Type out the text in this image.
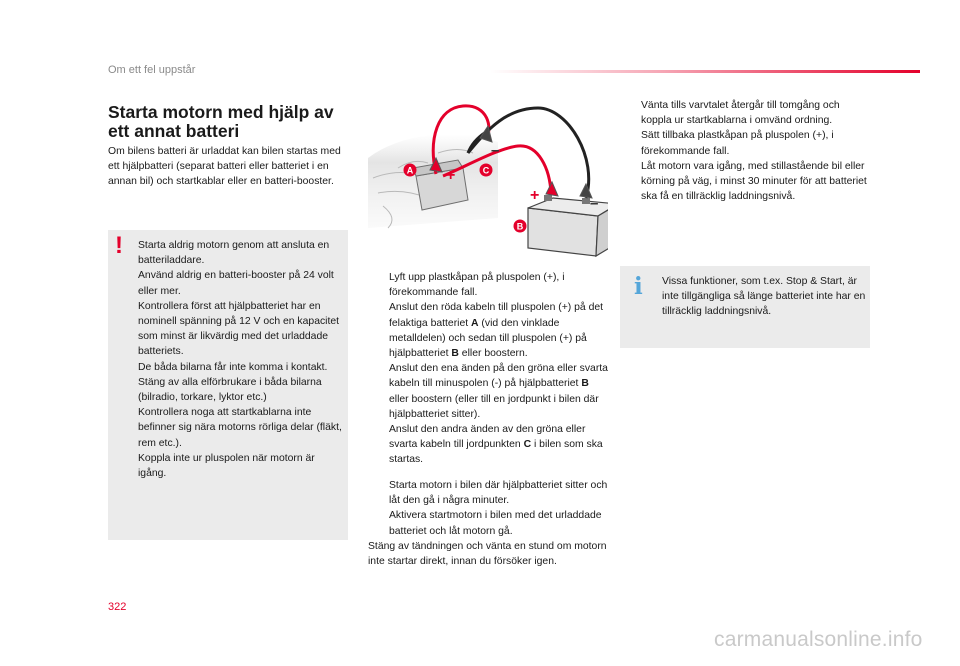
Om ett fel uppstår
Starta motorn med hjälp av ett annat batteri
Om bilens batteri är urladdat kan bilen startas med ett hjälpbatteri (separat batteri eller batteriet i en annan bil) och startkablar eller en batteri-booster.
! Starta aldrig motorn genom att ansluta en batteriladdare.

Använd aldrig en batteri-booster på 24 volt eller mer.

Kontrollera först att hjälpbatteriet har en nominell spänning på 12 V och en kapacitet som minst är likvärdig med det urladdade batteriets.

De båda bilarna får inte komma i kontakt.

Stäng av alla elförbrukare i båda bilarna (bilradio, torkare, lyktor etc.)

Kontrollera noga att startkablarna inte befinner sig nära motorns rörliga delar (fläkt, rem etc.).

Koppla inte ur pluspolen när motorn är igång.

+
+
–
–
A	C
B
Lyft upp plastkåpan på pluspolen (+), i förekommande fall.
Anslut den röda kabeln till pluspolen (+) på det felaktiga batteriet A (vid den vinklade metalldelen) och sedan till pluspolen (+) på hjälpbatteriet B eller boostern.
Anslut den ena änden på den gröna eller svarta kabeln till minuspolen (-) på hjälpbatteriet B eller boostern (eller till en jordpunkt i bilen där hjälpbatteriet sitter).
Anslut den andra änden av den gröna eller svarta kabeln till jordpunkten C i bilen som ska startas.
Starta motorn i bilen där hjälpbatteriet sitter och låt den gå i några minuter.
Aktivera startmotorn i bilen med det urladdade batteriet och låt motorn gå.

Stäng av tändningen och vänta en stund om motorn inte startar direkt, innan du försöker igen.

Vänta tills varvtalet återgår till tomgång och koppla ur startkablarna i omvänd ordning.
Sätt tillbaka plastkåpan på pluspolen (+), i förekommande fall.
Låt motorn vara igång, med stillastående bil eller körning på väg, i minst 30 minuter för att batteriet ska få en tillräcklig laddningsnivå.
i	Vissa funktioner, som t.ex. Stop & Start, är inte tillgängliga så länge batteriet inte har en tillräcklig laddningsnivå.
322
carmanualsonline.info
